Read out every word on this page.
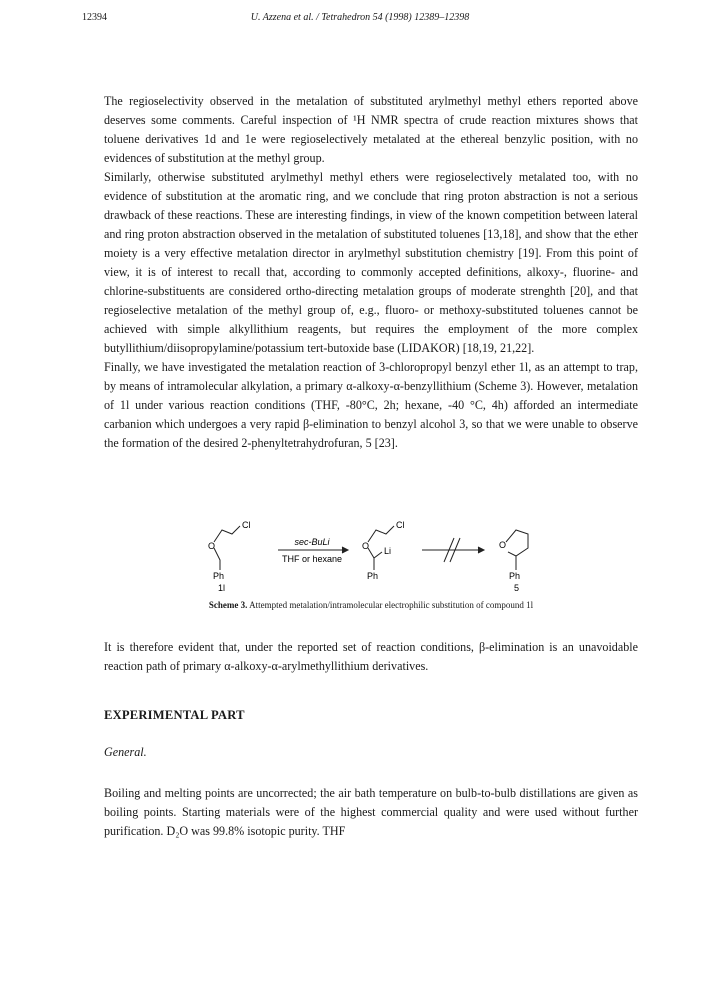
12394	U. Azzena et al. / Tetrahedron 54 (1998) 12389–12398

The regioselectivity observed in the metalation of substituted arylmethyl methyl ethers reported above deserves some comments. Careful inspection of ¹H NMR spectra of crude reaction mixtures shows that toluene derivatives 1d and 1e were regioselectively metalated at the ethereal benzylic position, with no evidences of substitution at the methyl group.

Similarly, otherwise substituted arylmethyl methyl ethers were regioselectively metalated too, with no evidence of substitution at the aromatic ring, and we conclude that ring proton abstraction is not a serious drawback of these reactions. These are interesting findings, in view of the known competition between lateral and ring proton abstraction observed in the metalation of substituted toluenes [13,18], and show that the ether moiety is a very effective metalation director in arylmethyl substitution chemistry [19]. From this point of view, it is of interest to recall that, according to commonly accepted definitions, alkoxy-, fluorine- and chlorine-substituents are considered ortho-directing metalation groups of moderate strenghth [20], and that regioselective metalation of the methyl group of, e.g., fluoro- or methoxy-substituted toluenes cannot be achieved with simple alkyllithium reagents, but requires the employment of the more complex butyllithium/diisopropylamine/potassium tert-butoxide base (LIDAKOR) [18,19, 21,22].

Finally, we have investigated the metalation reaction of 3-chloropropyl benzyl ether 1l, as an attempt to trap, by means of intramolecular alkylation, a primary α-alkoxy-α-benzyllithium (Scheme 3). However, metalation of 1l under various reaction conditions (THF, -80°C, 2h; hexane, -40 °C, 4h) afforded an intermediate carbanion which undergoes a very rapid β-elimination to benzyl alcohol 3, so that we were unable to observe the formation of the desired 2-phenyltetrahydrofuran, 5 [23].

Cl
O
Ph
1l
sec-BuLi
THF or hexane
Cl
O Li
Ph
O
Ph
5
Scheme 3. Attempted metalation/intramolecular electrophilic substitution of compound 1l
It is therefore evident that, under the reported set of reaction conditions, β-elimination is an unavoidable reaction path of primary α-alkoxy-α-arylmethyllithium derivatives.
EXPERIMENTAL PART
General.
Boiling and melting points are uncorrected; the air bath temperature on bulb-to-bulb distillations are given as boiling points. Starting materials were of the highest commercial quality and were used without further purification. D₂O was 99.8% isotopic purity. THF
